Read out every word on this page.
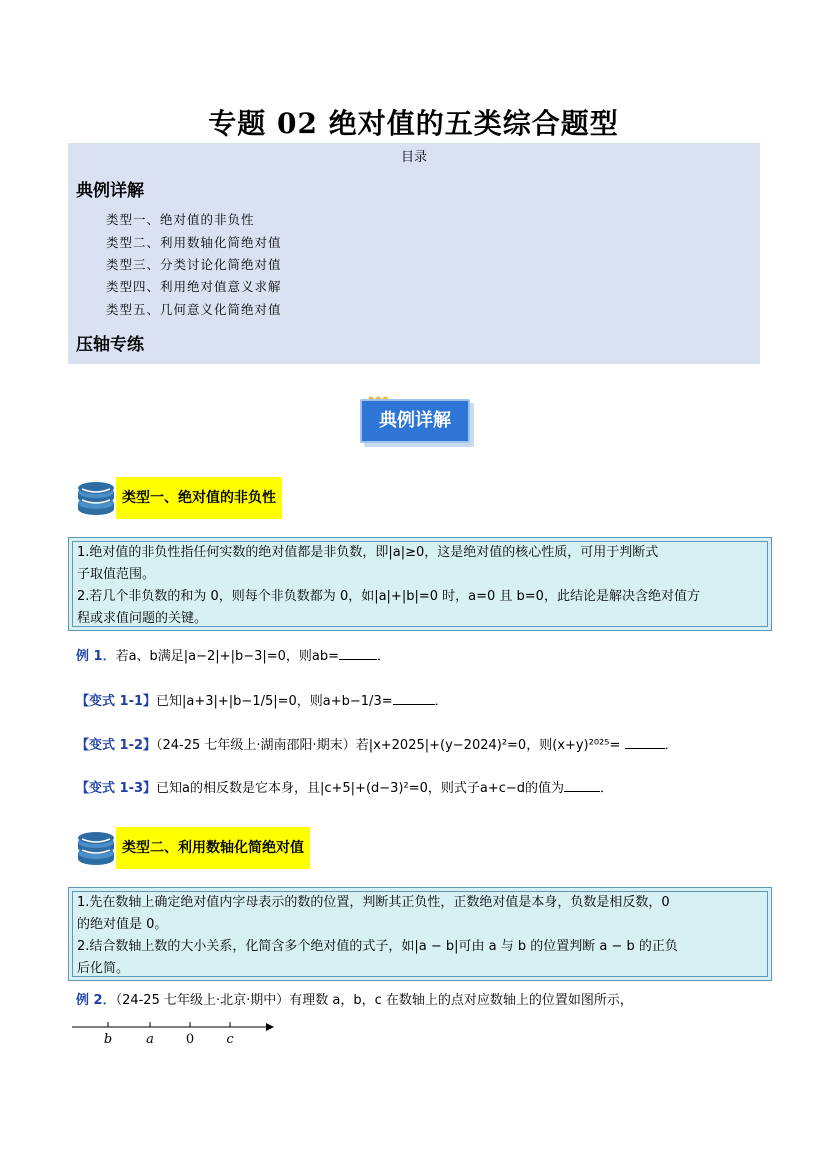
专题 02 绝对值的五类综合题型
目录
典例详解
类型一、绝对值的非负性
类型二、利用数轴化简绝对值
类型三、分类讨论化简绝对值
类型四、利用绝对值意义求解
类型五、几何意义化简绝对值
压轴专练
典例详解
类型一、绝对值的非负性
1.绝对值的非负性指任何实数的绝对值都是非负数，即|a|≥0，这是绝对值的核心性质，可用于判断式
子取值范围。
2.若几个非负数的和为 0，则每个非负数都为 0，如|a|+|b|=0 时，a=0 且 b=0，此结论是解决含绝对值方
程或求值问题的关键。
例 1．若a、b满足|a−2|+|b−3|=0，则ab=	．
【变式 1-1】已知|a+3|+|b−1/5|=0，则a+b−1/3=	．
【变式 1-2】（24-25 七年级上·湖南邵阳·期末）若|x+2025|+(y−2024)²=0，则(x+y)²⁰²⁵=	．
【变式 1-3】已知a的相反数是它本身，且|c+5|+(d−3)²=0，则式子a+c−d的值为	．
类型二、利用数轴化简绝对值
1.先在数轴上确定绝对值内字母表示的数的位置，判断其正负性，正数绝对值是本身，负数是相反数，0
的绝对值是 0。
2.结合数轴上数的大小关系，化简含多个绝对值的式子，如|a − b|可由 a 与 b 的位置判断 a − b 的正负
后化简。
例 2．（24-25 七年级上·北京·期中）有理数 a，b，c 在数轴上的点对应数轴上的位置如图所示，
b	a 0 c
